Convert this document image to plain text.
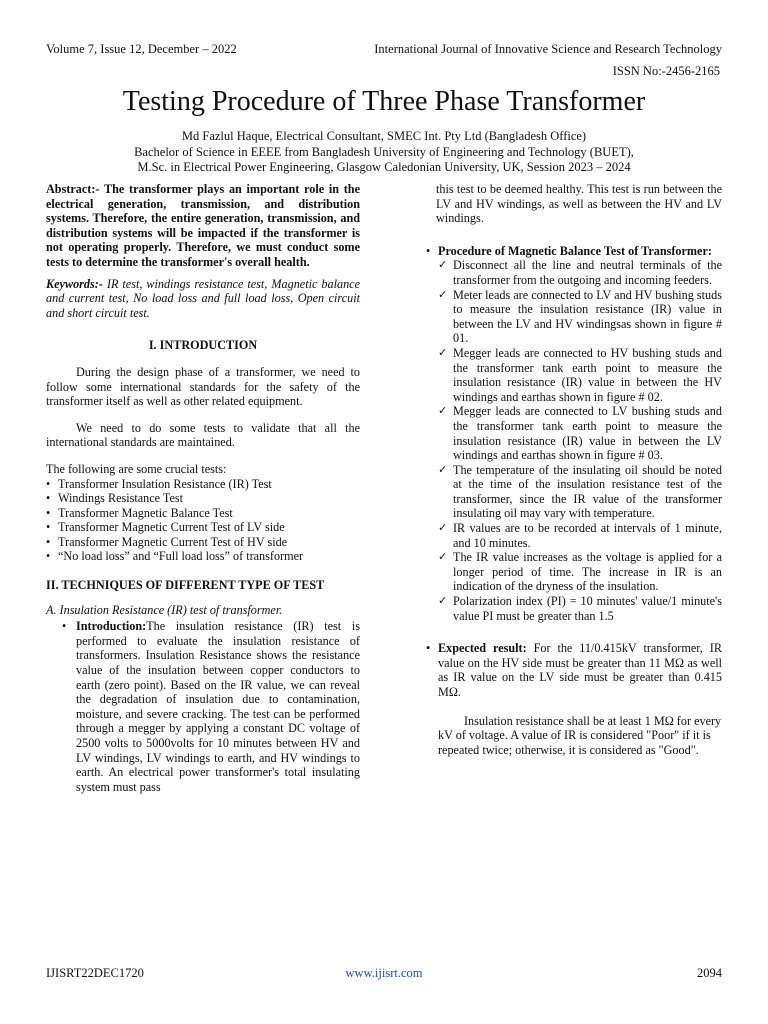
Volume 7, Issue 12, December – 2022	International Journal of Innovative Science and Research Technology
ISSN No:-2456-2165
Testing Procedure of Three Phase Transformer
Md Fazlul Haque, Electrical Consultant, SMEC Int. Pty Ltd (Bangladesh Office)
Bachelor of Science in EEEE from Bangladesh University of Engineering and Technology (BUET),
M.Sc. in Electrical Power Engineering, Glasgow Caledonian University, UK, Session 2023 – 2024

Abstract:- The transformer plays an important role in the electrical generation, transmission, and distribution systems. Therefore, the entire generation, transmission, and distribution systems will be impacted if the transformer is not operating properly. Therefore, we must conduct some tests to determine the transformer's overall health.

Keywords:- IR test, windings resistance test, Magnetic balance and current test, No load loss and full load loss, Open circuit and short circuit test.

I. INTRODUCTION

During the design phase of a transformer, we need to follow some international standards for the safety of the transformer itself as well as other related equipment.

We need to do some tests to validate that all the international standards are maintained.

The following are some crucial tests:

• Transformer Insulation Resistance (IR) Test
• Windings Resistance Test
• Transformer Magnetic Balance Test
• Transformer Magnetic Current Test of LV side
• Transformer Magnetic Current Test of HV side
• “No load loss” and “Full load loss” of transformer
II. TECHNIQUES OF DIFFERENT TYPE OF TEST
A. Insulation Resistance (IR) test of transformer.
• Introduction:The insulation resistance (IR) test is performed to evaluate the insulation resistance of transformers. Insulation Resistance shows the resistance value of the insulation between copper conductors to earth (zero point). Based on the IR value, we can reveal the degradation of insulation due to contamination, moisture, and severe cracking. The test can be performed through a megger by applying a constant DC voltage of 2500 volts to 5000volts for 10 minutes between HV and LV windings, LV windings to earth, and HV windings to earth. An electrical power transformer's total insulating system must pass

this test to be deemed healthy. This test is run between the LV and HV windings, as well as between the HV and LV windings.

• Procedure of Magnetic Balance Test of Transformer:
✓ Disconnect all the line and neutral terminals of the transformer from the outgoing and incoming feeders.
✓ Meter leads are connected to LV and HV bushing studs to measure the insulation resistance (IR) value in between the LV and HV windingsas shown in figure # 01.
✓ Megger leads are connected to HV bushing studs and the transformer tank earth point to measure the insulation resistance (IR) value in between the HV windings and earthas shown in figure # 02.
✓ Megger leads are connected to LV bushing studs and the transformer tank earth point to measure the insulation resistance (IR) value in between the LV windings and earthas shown in figure # 03.
✓ The temperature of the insulating oil should be noted at the time of the insulation resistance test of the transformer, since the IR value of the transformer insulating oil may vary with temperature.
✓ IR values are to be recorded at intervals of 1 minute, and 10 minutes.
✓ The IR value increases as the voltage is applied for a longer period of time. The increase in IR is an indication of the dryness of the insulation.
✓ Polarization index (PI) = 10 minutes' value/1 minute's value PI must be greater than 1.5
• Expected result: For the 11/0.415kV transformer, IR value on the HV side must be greater than 11 MΩ as well as IR value on the LV side must be greater than 0.415 MΩ.

Insulation resistance shall be at least 1 MΩ for every kV of voltage. A value of IR is considered "Poor" if it is repeated twice; otherwise, it is considered as "Good".

IJISRT22DEC1720	www.ijisrt.com	2094
